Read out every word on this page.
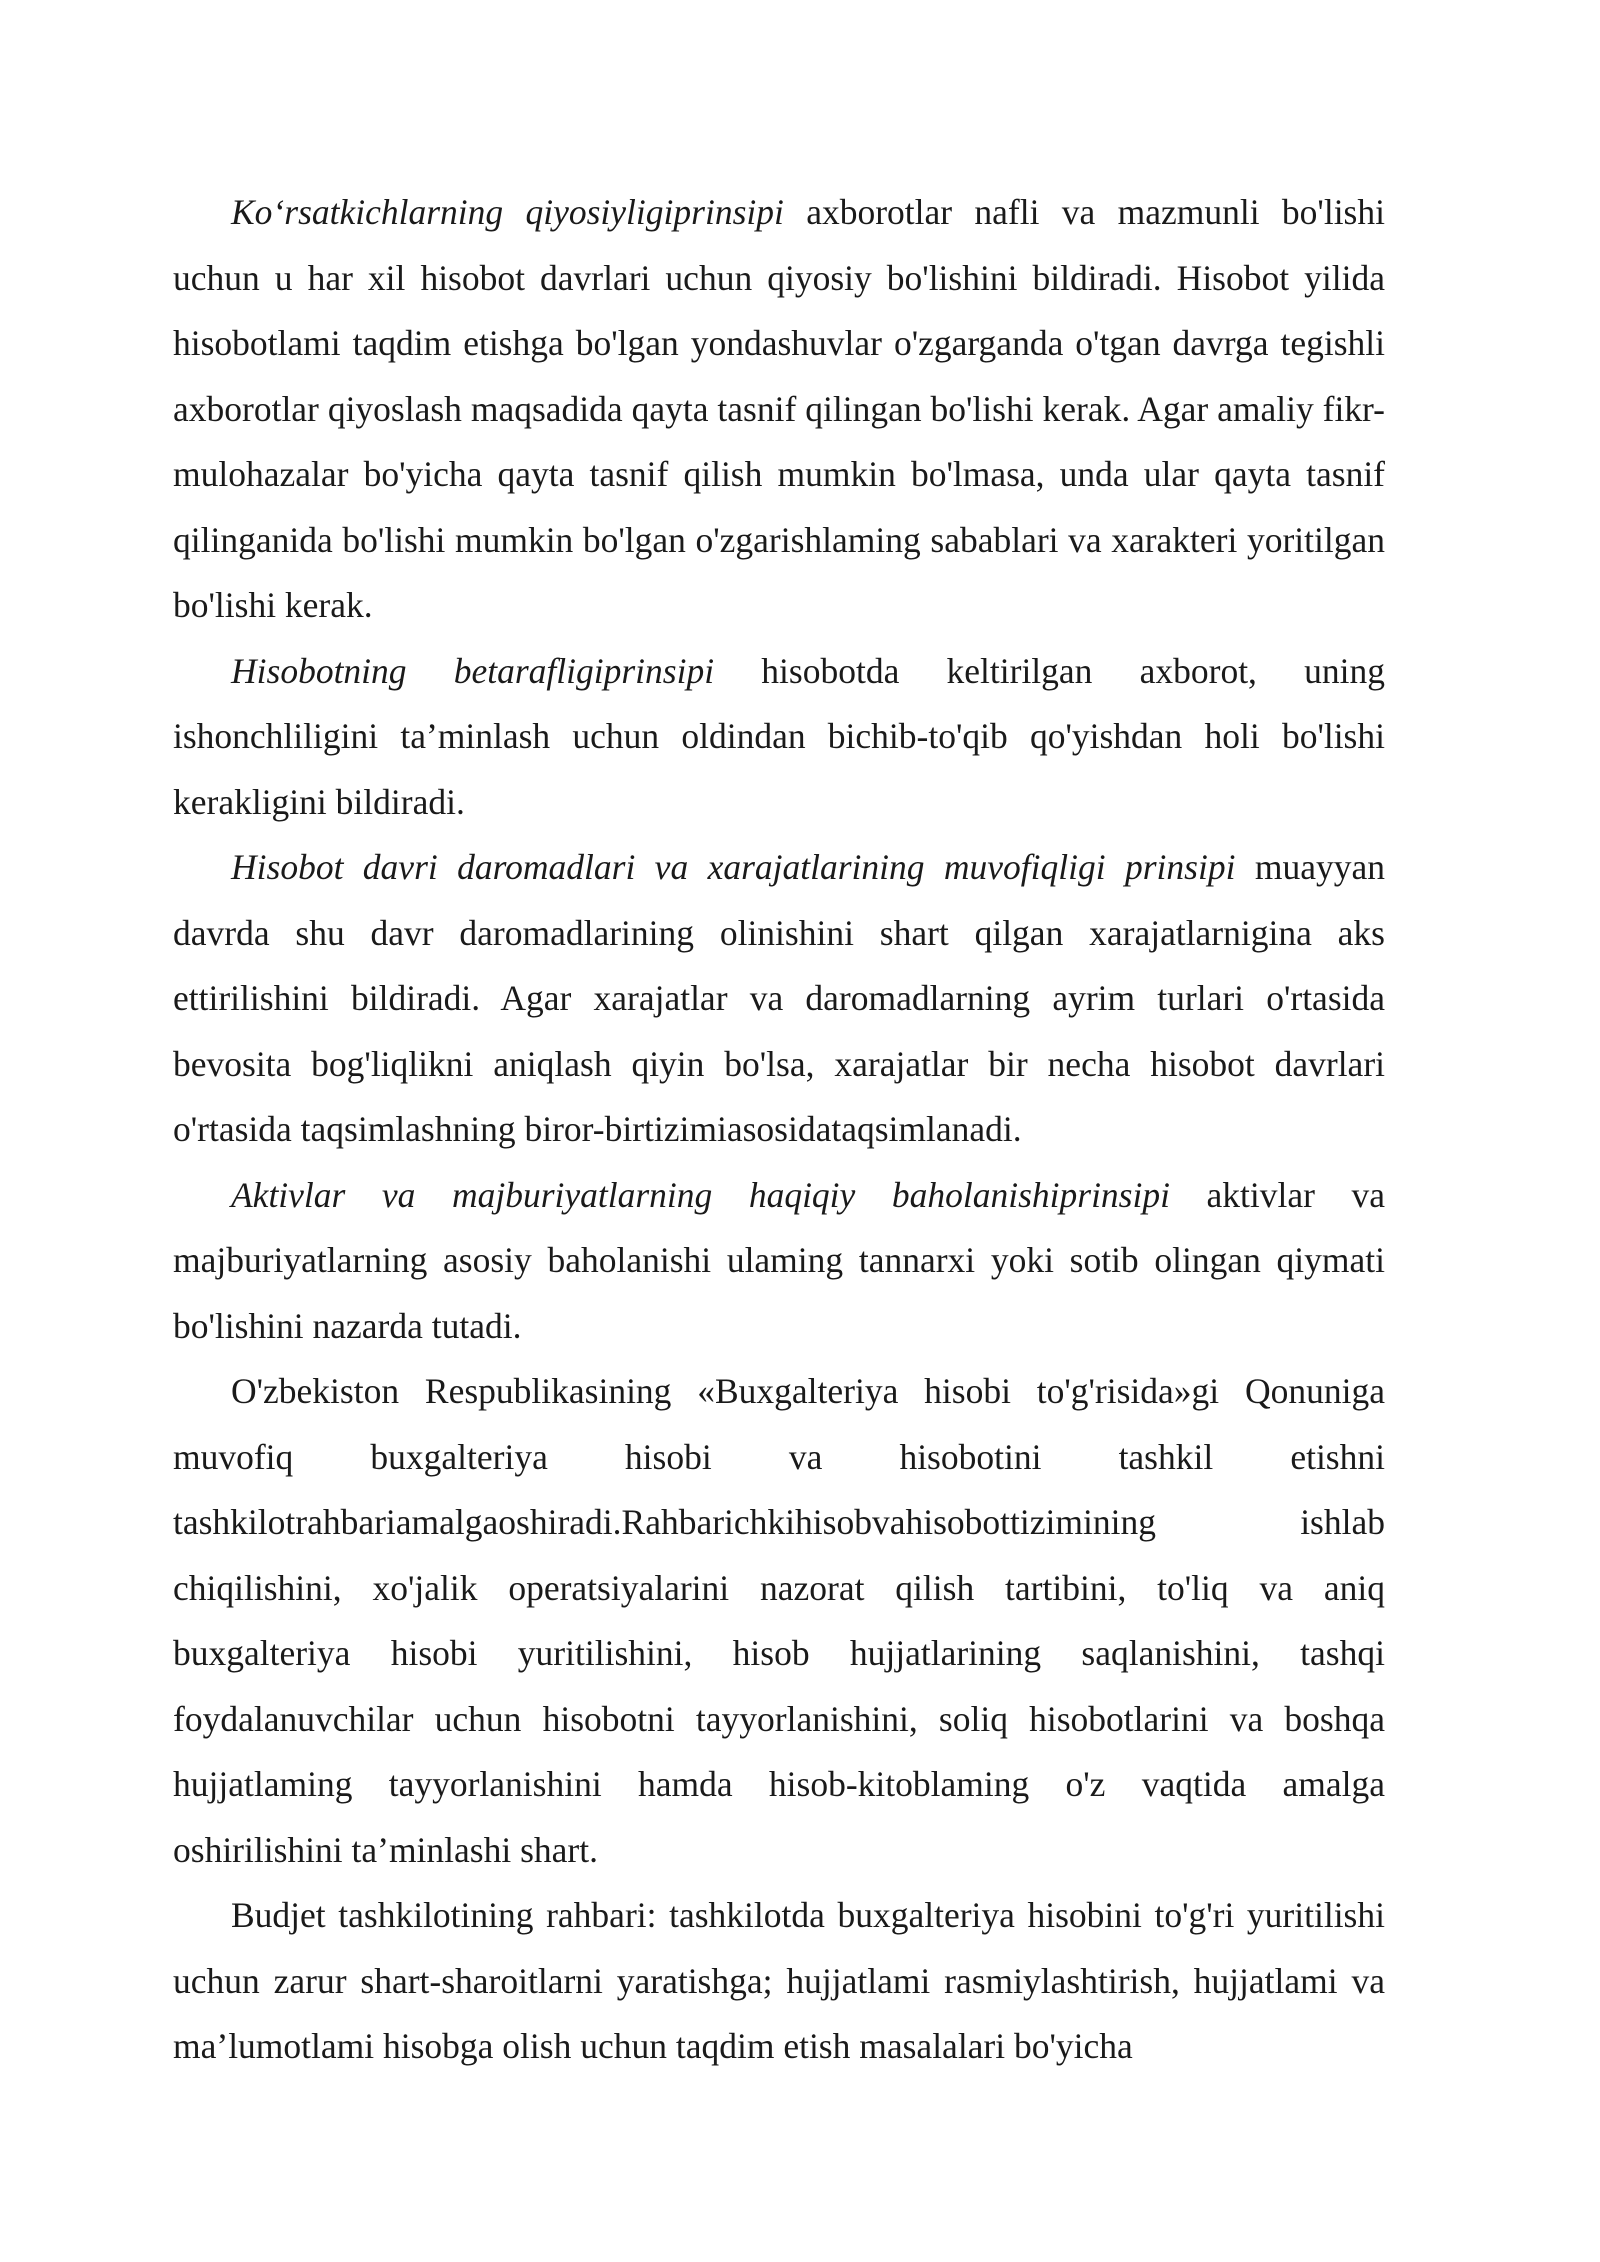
Ko‘rsatkichlarning qiyosiyligiprinsipi axborotlar nafli va mazmunli bo'lishi uchun u har xil hisobot davrlari uchun qiyosiy bo'lishini bildiradi. Hisobot yilida hisobotlami taqdim etishga bo'lgan yondashuvlar o'zgarganda o'tgan davrga tegishli axborotlar qiyoslash maqsadida qayta tasnif qilingan bo'lishi kerak. Agar amaliy fikr-mulohazalar bo'yicha qayta tasnif qilish mumkin bo'lmasa, unda ular qayta tasnif qilinganida bo'lishi mumkin bo'lgan o'zgarishlaming sabablari va xarakteri yoritilgan bo'lishi kerak.

Hisobotning betarafligiprinsipi hisobotda keltirilgan axborot, uning ishonchliligini ta’minlash uchun oldindan bichib-to'qib qo'yishdan holi bo'lishi kerakligini bildiradi.

Hisobot davri daromadlari va xarajatlarining muvofiqligi prinsipi muayyan davrda shu davr daromadlarining olinishini shart qilgan xarajatlarnigina aks ettirilishini bildiradi. Agar xarajatlar va daromadlarning ayrim turlari o'rtasida bevosita bog'liqlikni aniqlash qiyin bo'lsa, xarajatlar bir necha hisobot davrlari o'rtasida taqsimlashning biror-birtizimiasosidataqsimlanadi.

Aktivlar va majburiyatlarning haqiqiy baholanishiprinsipi aktivlar va majburiyatlarning asosiy baholanishi ulaming tannarxi yoki sotib olingan qiymati bo'lishini nazarda tutadi.

O'zbekiston Respublikasining «Buxgalteriya hisobi to'g'risida»gi Qonuniga muvofiq buxgalteriya hisobi va hisobotini tashkil etishni tashkilotrahbariamalgaoshiradi.Rahbarichkihisobvahisobottizimining ishlab chiqilishini, xo'jalik operatsiyalarini nazorat qilish tartibini, to'liq va aniq buxgalteriya hisobi yuritilishini, hisob hujjatlarining saqlanishini, tashqi foydalanuvchilar uchun hisobotni tayyorlanishini, soliq hisobotlarini va boshqa hujjatlaming tayyorlanishini hamda hisob-kitoblaming o'z vaqtida amalga oshirilishini ta’minlashi shart.

Budjet tashkilotining rahbari: tashkilotda buxgalteriya hisobini to'g'ri yuritilishi uchun zarur shart-sharoitlarni yaratishga; hujjatlami rasmiylashtirish, hujjatlami va ma’lumotlami hisobga olish uchun taqdim etish masalalari bo'yicha
